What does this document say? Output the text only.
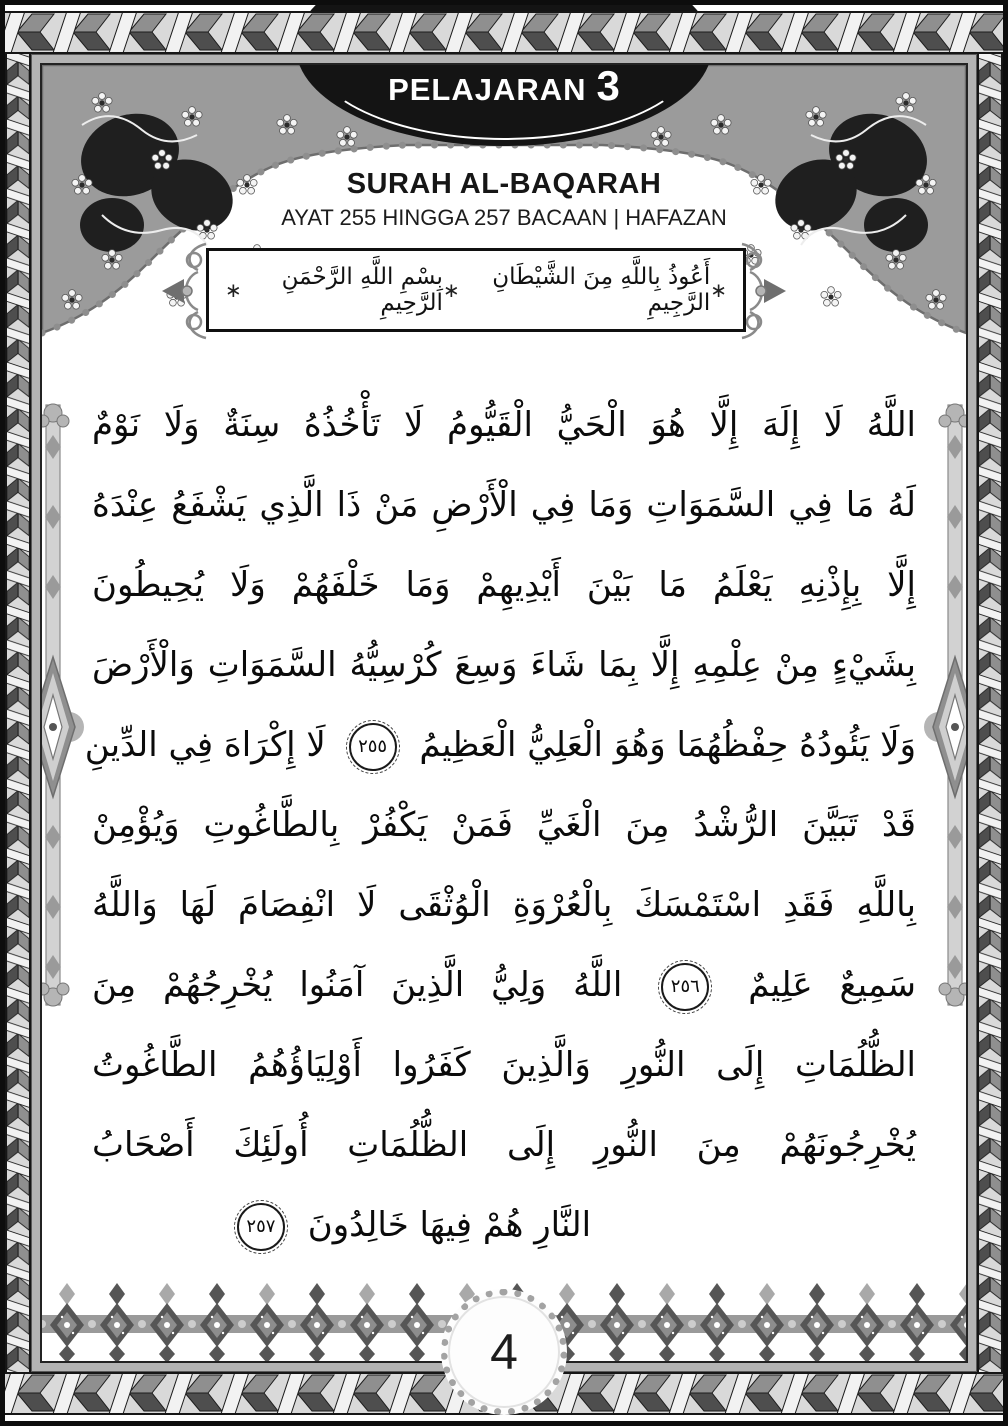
PELAJARAN 3
SURAH AL-BAQARAH
AYAT 255 HINGGA 257 BACAAN | HAFAZAN
∗
أَعُوذُ بِاللَّهِ مِنَ الشَّيْطَانِ الرَّجِيمِ
∗
بِسْمِ اللَّهِ الرَّحْمَنِ الرَّحِيمِ
∗
اللَّهُ لَا إِلَهَ إِلَّا هُوَ الْحَيُّ الْقَيُّومُ لَا تَأْخُذُهُ سِنَةٌ وَلَا نَوْمٌ
لَهُ مَا فِي السَّمَوَاتِ وَمَا فِي الْأَرْضِ مَنْ ذَا الَّذِي يَشْفَعُ عِنْدَهُ
إِلَّا بِإِذْنِهِ يَعْلَمُ مَا بَيْنَ أَيْدِيهِمْ وَمَا خَلْفَهُمْ وَلَا يُحِيطُونَ
بِشَيْءٍ مِنْ عِلْمِهِ إِلَّا بِمَا شَاءَ وَسِعَ كُرْسِيُّهُ السَّمَوَاتِ وَالْأَرْضَ
وَلَا يَئُودُهُ حِفْظُهُمَا وَهُوَ الْعَلِيُّ الْعَظِيمُ ٢٥٥ لَا إِكْرَاهَ فِي الدِّينِ
قَدْ تَبَيَّنَ الرُّشْدُ مِنَ الْغَيِّ فَمَنْ يَكْفُرْ بِالطَّاغُوتِ وَيُؤْمِنْ
بِاللَّهِ فَقَدِ اسْتَمْسَكَ بِالْعُرْوَةِ الْوُثْقَى لَا انْفِصَامَ لَهَا وَاللَّهُ
سَمِيعٌ عَلِيمٌ ٢٥٦ اللَّهُ وَلِيُّ الَّذِينَ آمَنُوا يُخْرِجُهُمْ مِنَ
الظُّلُمَاتِ إِلَى النُّورِ وَالَّذِينَ كَفَرُوا أَوْلِيَاؤُهُمُ الطَّاغُوتُ
يُخْرِجُونَهُمْ مِنَ النُّورِ إِلَى الظُّلُمَاتِ أُولَئِكَ أَصْحَابُ
النَّارِ هُمْ فِيهَا خَالِدُونَ ٢٥٧
4
